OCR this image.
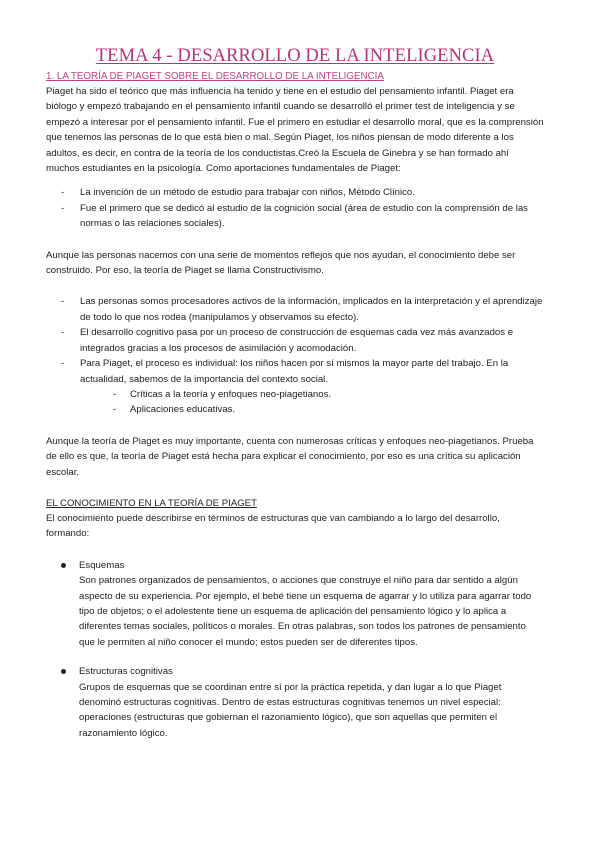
TEMA 4 - DESARROLLO DE LA INTELIGENCIA
1. LA TEORÍA DE PIAGET SOBRE EL DESARROLLO DE LA INTELIGENCIA

Piaget ha sido el teórico que más influencia ha tenido y tiene en el estudio del pensamiento infantil. Piaget era biólogo y empezó trabajando en el pensamiento infantil cuando se desarrolló el primer test de inteligencia y se empezó a interesar por el pensamiento infantil. Fue el primero en estudiar el desarrollo moral, que es la comprensión que tenemos las personas de lo que está bien o mal. Según Piaget, los niños piensan de modo diferente a los adultos, es decir, en contra de la teoría de los conductistas.Creó la Escuela de Ginebra y se han formado ahí muchos estudiantes en la psicología. Como aportaciones fundamentales de Piaget:

- La invención de un método de estudio para trabajar con niños, Método Clínico.
- Fue el primero que se dedicó al estudio de la cognición social (área de estudio con la comprensión de las normas o las relaciones sociales).

Aunque las personas nacemos con una serie de momentos reflejos que nos ayudan, el conocimiento debe ser construido. Por eso, la teoría de Piaget se llama Constructivismo.

- Las personas somos procesadores activos de la información, implicados en la interpretación y el aprendizaje de todo lo que nos rodea (manipulamos y observamos su efecto).
- El desarrollo cognitivo pasa por un proceso de construcción de esquemas cada vez más avanzados e integrados gracias a los procesos de asimilación y acomodación.
- Para Piaget, el proceso es individual: los niños hacen por sí mismos la mayor parte del trabajo. En la actualidad, sabemos de la importancia del contexto social.
- Críticas a la teoría y enfoques neo-piagetianos.
- Aplicaciones educativas.

Aunque la teoría de Piaget es muy importante, cuenta con numerosas críticas y enfoques neo-piagetianos. Prueba de ello es que, la teoría de Piaget está hecha para explicar el conocimiento, por eso es una crítica su aplicación escolar.

EL CONOCIMIENTO EN LA TEORÍA DE PIAGET

El conocimiento puede describirse en términos de estructuras que van cambiando a lo largo del desarrollo, formando:

Esquemas
Son patrones organizados de pensamientos, o acciones que construye el niño para dar sentido a algún aspecto de su experiencia. Por ejemplo, el bebé tiene un esquema de agarrar y lo utiliza para agarrar todo tipo de objetos; o el adolestente tiene un esquema de aplicación del pensamiento lógico y lo aplica a diferentes temas sociales, políticos o morales. En otras palabras, son todos los patrones de pensamiento que le permiten al niño conocer el mundo; estos pueden ser de diferentes tipos.
Estructuras cognitivas
Grupos de esquemas que se coordinan entre sí por la práctica repetida, y dan lugar a lo que Piaget denominó estructuras cognitivas. Dentro de estas estructuras cognitivas tenemos un nivel especial: operaciones (estructuras que gobiernan el razonamiento lógico), que son aquellas que permiten el razonamiento lógico.
